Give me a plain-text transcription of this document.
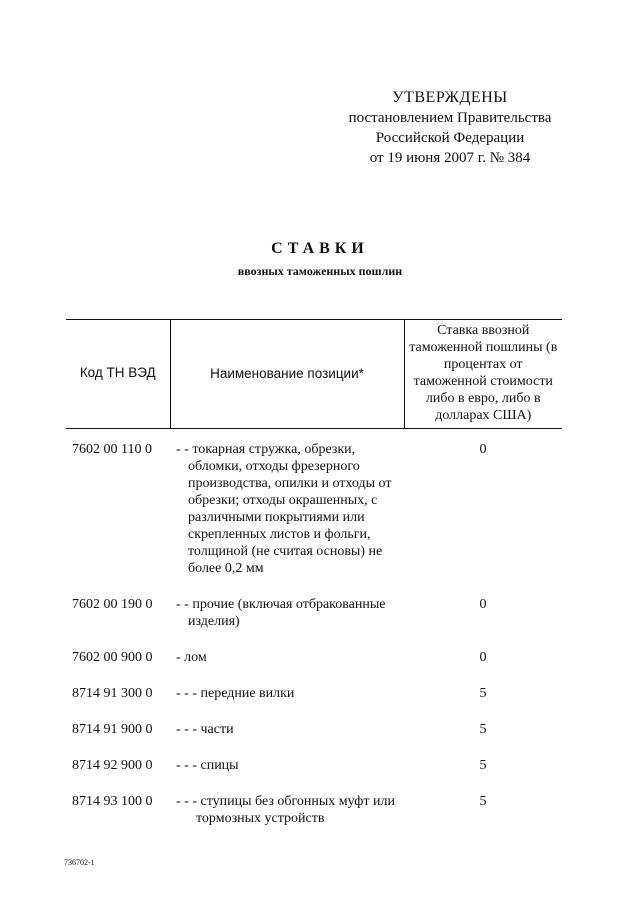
УТВЕРЖДЕНЫ
постановлением Правительства
Российской Федерации
от 19 июня 2007 г. № 384
СТАВКИ
ввозных таможенных пошлин
Код ТН ВЭД	Наименование позиции*	Ставка ввозной таможенной пошлины (в процентах от таможенной стоимости либо в евро, либо в долларах США)
7602 00 110 0	- - токарная стружка, обрезки, обломки, отходы фрезерного производства, опилки и отходы от обрезки; отходы окрашенных, с различными покрытиями или скрепленных листов и фольги, толщиной (не считая основы) не более 0,2 мм	0
7602 00 190 0	- - прочие (включая отбракованные изделия)	0
7602 00 900 0	- лом	0
8714 91 300 0	- - - передние вилки	5
8714 91 900 0	- - - части	5
8714 92 900 0	- - - спицы	5
8714 93 100 0	- - - ступицы без обгонных муфт или тормозных устройств	5
736702-1
